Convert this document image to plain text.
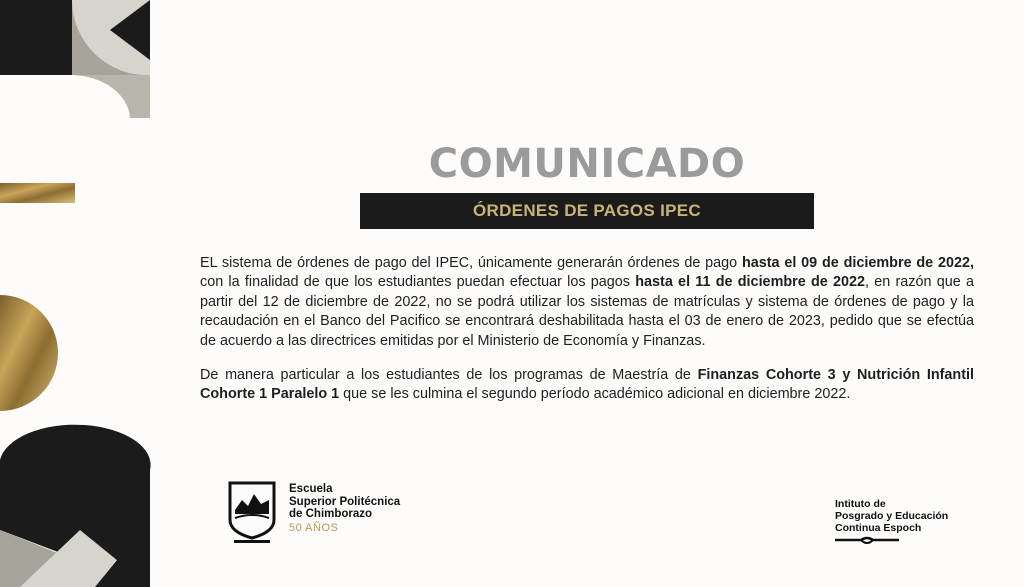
COMUNICADO
ÓRDENES DE PAGOS IPEC

EL sistema de órdenes de pago del IPEC, únicamente generarán órdenes de pago hasta el 09 de diciembre de 2022, con la finalidad de que los estudiantes puedan efectuar los pagos hasta el 11 de diciembre de 2022, en razón que a partir del 12 de diciembre de 2022, no se podrá utilizar los sistemas de matrículas y sistema de órdenes de pago y la recaudación en el Banco del Pacifico se encontrará deshabilitada hasta el 03 de enero de 2023, pedido que se efectúa de acuerdo a las directrices emitidas por el Ministerio de Economía y Finanzas.

De manera particular a los estudiantes de los programas de Maestría de Finanzas Cohorte 3 y Nutrición Infantil Cohorte 1 Paralelo 1 que se les culmina el segundo período académico adicional en diciembre 2022.

Escuela
Superior Politécnica
de Chimborazo
50 AÑOS
Intituto de
Posgrado y Educación
Continua Espoch
